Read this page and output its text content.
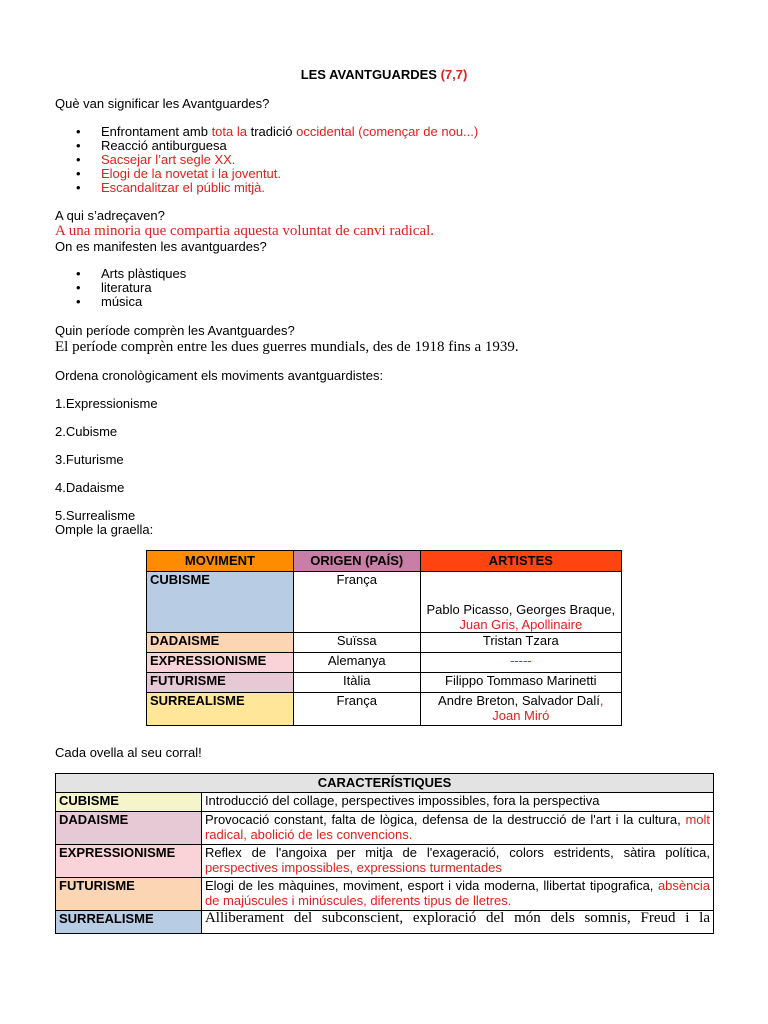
LES AVANTGUARDES (7,7)
Què van significar les Avantguardes?
• Enfrontament amb tota la tradició occidental (començar de nou...)
• Reacció antiburguesa
• Sacsejar l’art segle XX.
• Elogi de la novetat i la joventut.
• Escandalitzar el públic mitjà.
A qui s’adreçaven?
A una minoria que compartia aquesta voluntat de canvi radical.
On es manifesten les avantguardes?
• Arts plàstiques
• literatura
• música
Quin període comprèn les Avantguardes?
El període comprèn entre les dues guerres mundials, des de 1918 fins a 1939.
Ordena cronològicament els moviments avantguardistes:
1.Expressionisme
2.Cubisme
3.Futurisme
4.Dadaisme
5.Surrealisme
Omple la graella:
MOVIMENT	ORIGEN (PAÍS)	ARTISTES
CUBISME	França	Pablo Picasso, Georges Braque,
Juan Gris, Apollinaire

DADAISME	Suïssa	Tristan Tzara
EXPRESSIONISME	Alemanya	-----
FUTURISME	Itàlia	Filippo Tommaso Marinetti
SURREALISME	França	Andre Breton, Salvador Dalí,
Joan Miró
Cada ovella al seu corral!
CARACTERÍSTIQUES	
CUBISME	Introducció del collage, perspectives impossibles, fora la perspectiva
DADAISME	Provocació constant, falta de lògica, defensa de la destrucció de l'art i la cultura, molt radical, abolició de les convencions.
EXPRESSIONISME	Reflex de l'angoixa per mitja de l'exageració, colors estridents, sàtira política, perspectives impossibles, expressions turmentades
FUTURISME	Elogi de les màquines, moviment, esport i vida moderna, llibertat tipografica, absència de majúscules i minúscules, diferents tipus de lletres.
SURREALISME	Alliberament del subconscient, exploració del món dels somnis, Freud i la
